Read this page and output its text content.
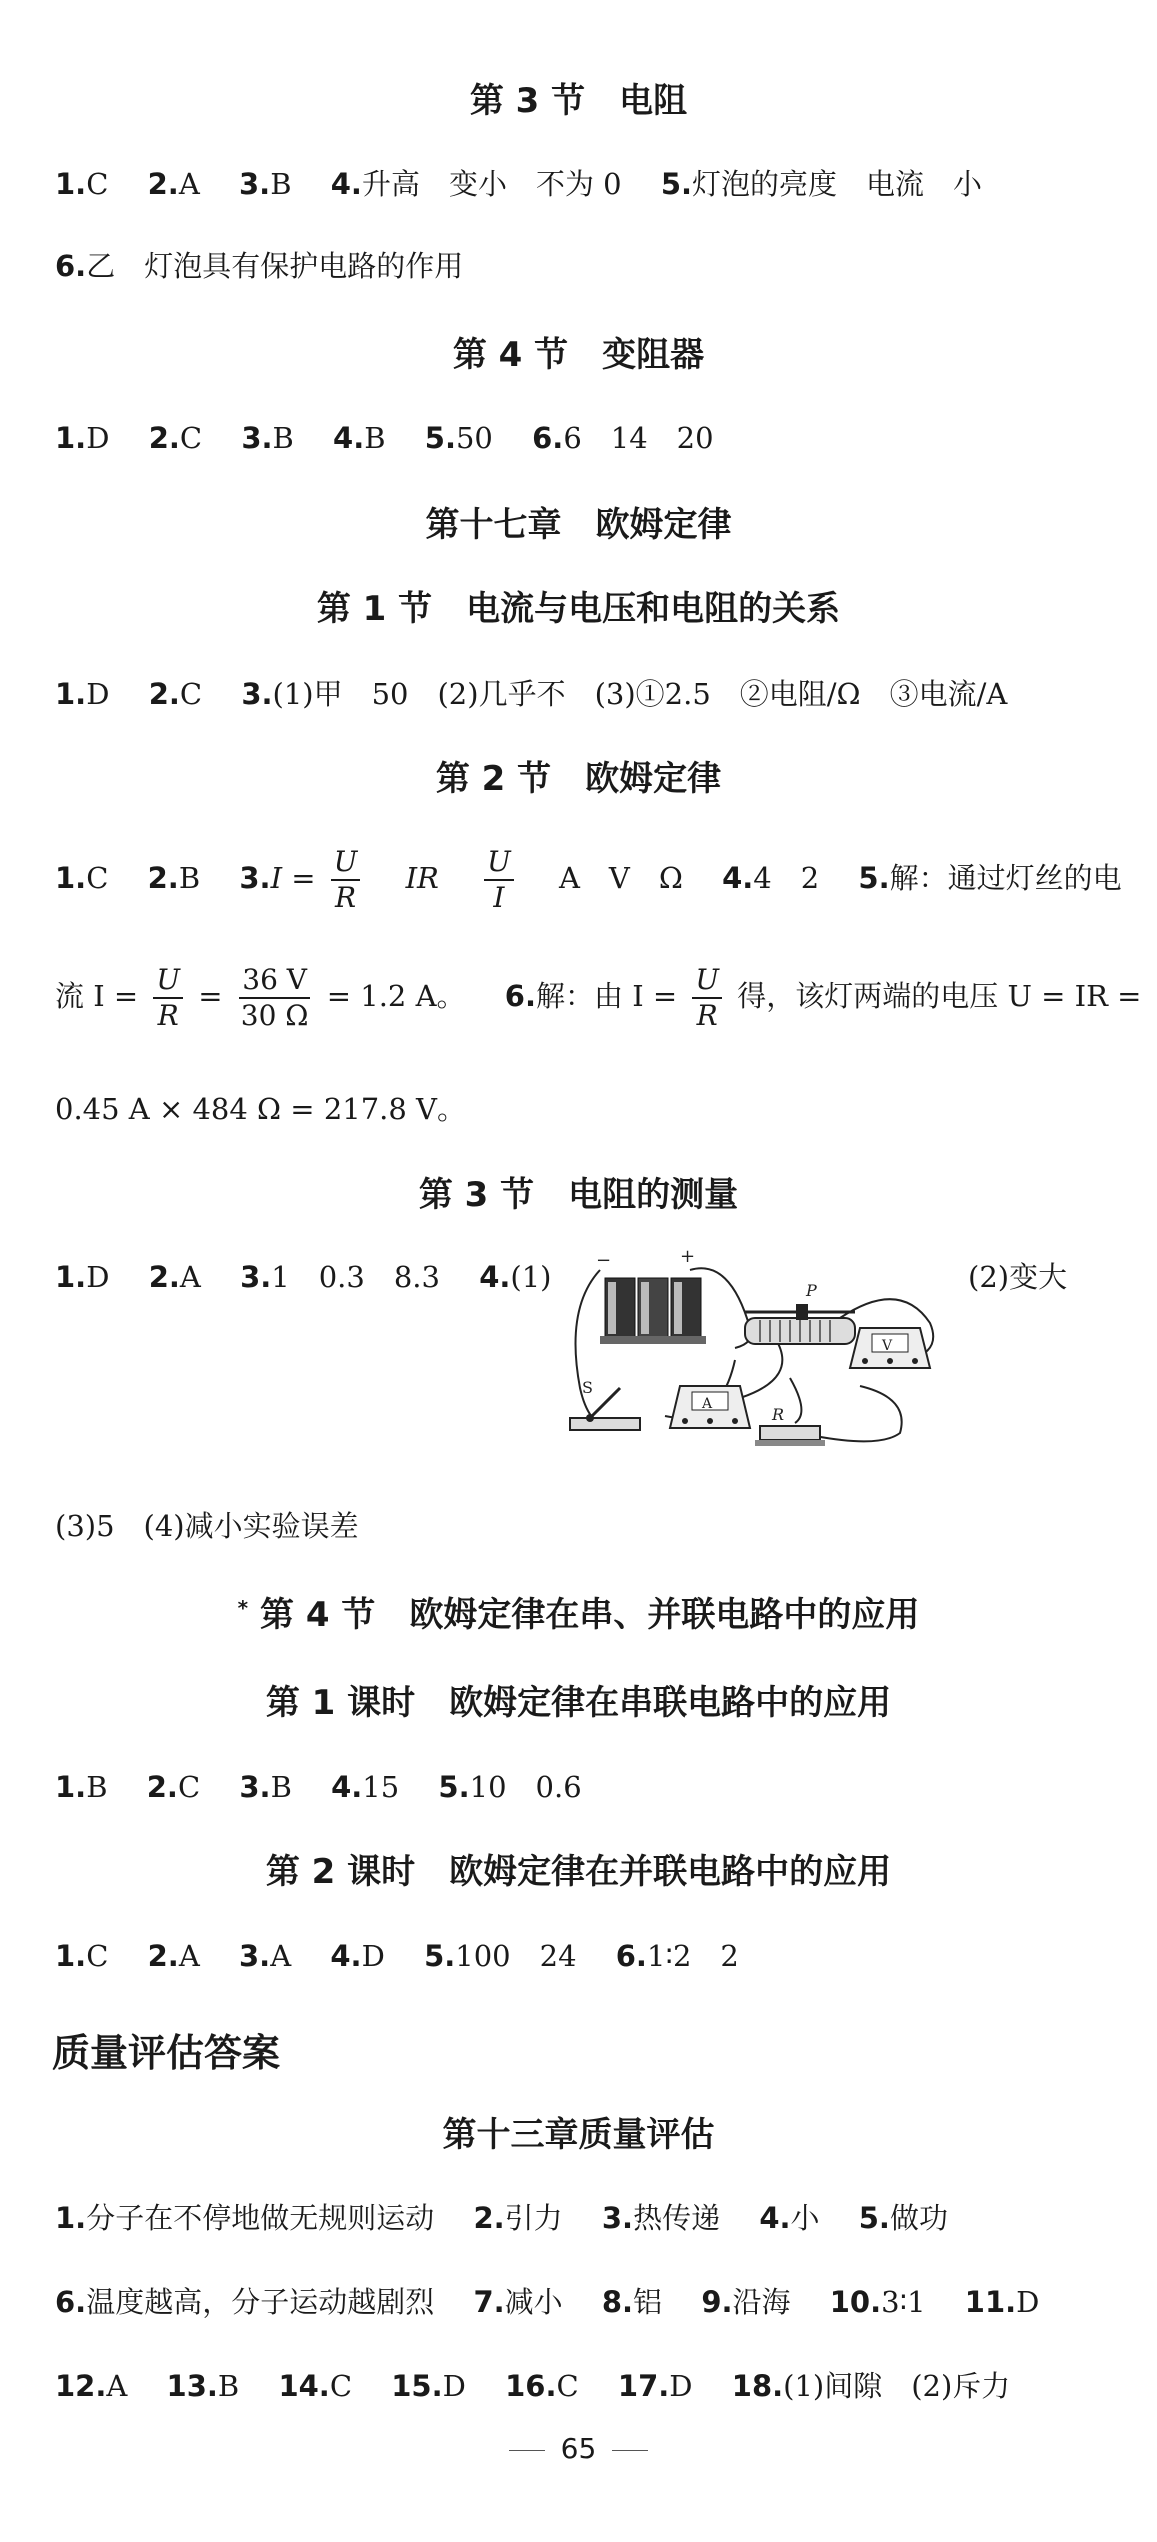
第 3 节 电阻
1.C 2.A 3.B 4.升高　变小　不为 0 5.灯泡的亮度　电流　小
6.乙　灯泡具有保护电路的作用
第 4 节 变阻器
1.D 2.C 3.B 4.B 5.50 6.6　14　20
第十七章　欧姆定律
第 1 节 电流与电压和电阻的关系
1.D 2.C 3.(1)甲　50　(2)几乎不　(3)①2.5　②电阻/Ω　③电流/A
第 2 节 欧姆定律
1.C 2.B $3.I = \frac{U}{R}$ IR $\frac{U}{I}$ A　V　Ω 4.4　2 5.解：通过灯丝的电
流 $I = \frac{U}{R} = \frac{36 V}{30 \Omega} = 1.2$ A。 6.解：由 $I = \frac{U}{R}$ 得，该灯两端的电压 U = IR =
0.45 A × 484 Ω = 217.8 V。
第 3 节 电阻的测量
1.D 2.A 3.1　0.3　8.3 4.(1)	(2)变大
−	+
P
V
A
R
S
(3)5　(4)减小实验误差
* 第 4 节 欧姆定律在串、并联电路中的应用
第 1 课时 欧姆定律在串联电路中的应用
1.B 2.C 3.B 4.15 5.10　0.6
第 2 课时 欧姆定律在并联电路中的应用
1.C 2.A 3.A 4.D 5.100　24 6.1∶2　2
质量评估答案
第十三章质量评估
1.分子在不停地做无规则运动 2.引力 3.热传递 4.小 5.做功
6.温度越高，分子运动越剧烈 7.减小 8.铝 9.沿海 10.3∶1 11.D
12.A 13.B 14.C 15.D 16.C 17.D 18.(1)间隙　(2)斥力
65
